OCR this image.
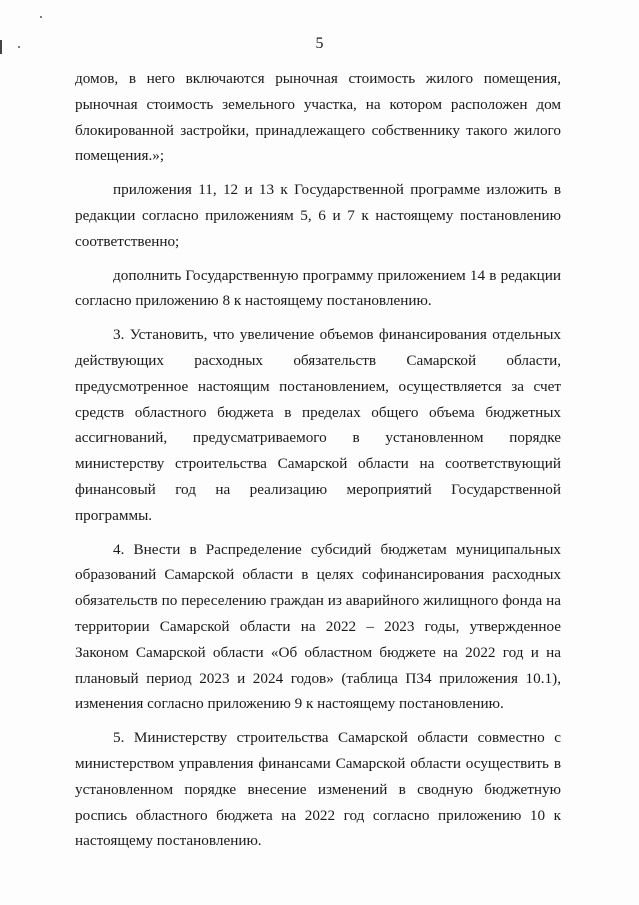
5

домов, в него включаются рыночная стоимость жилого помещения, рыночная стоимость земельного участка, на котором расположен дом блокированной застройки, принадлежащего собственнику такого жилого помещения.»;

приложения 11, 12 и 13 к Государственной программе изложить в редакции согласно приложениям 5, 6 и 7 к настоящему постановлению соответственно;

дополнить Государственную программу приложением 14 в редакции согласно приложению 8 к настоящему постановлению.

3. Установить, что увеличение объемов финансирования отдельных действующих расходных обязательств Самарской области, предусмотренное настоящим постановлением, осуществляется за счет средств областного бюджета в пределах общего объема бюджетных ассигнований, предусматриваемого в установленном порядке министерству строительства Самарской области на соответствующий финансовый год на реализацию мероприятий Государственной программы.

4. Внести в Распределение субсидий бюджетам муниципальных образований Самарской области в целях софинансирования расходных обязательств по переселению граждан из аварийного жилищного фонда на территории Самарской области на 2022 – 2023 годы, утвержденное Законом Самарской области «Об областном бюджете на 2022 год и на плановый период 2023 и 2024 годов» (таблица П34 приложения 10.1), изменения согласно приложению 9 к настоящему постановлению.

5. Министерству строительства Самарской области совместно с министерством управления финансами Самарской области осуществить в установленном порядке внесение изменений в сводную бюджетную роспись областного бюджета на 2022 год согласно приложению 10 к настоящему постановлению.
